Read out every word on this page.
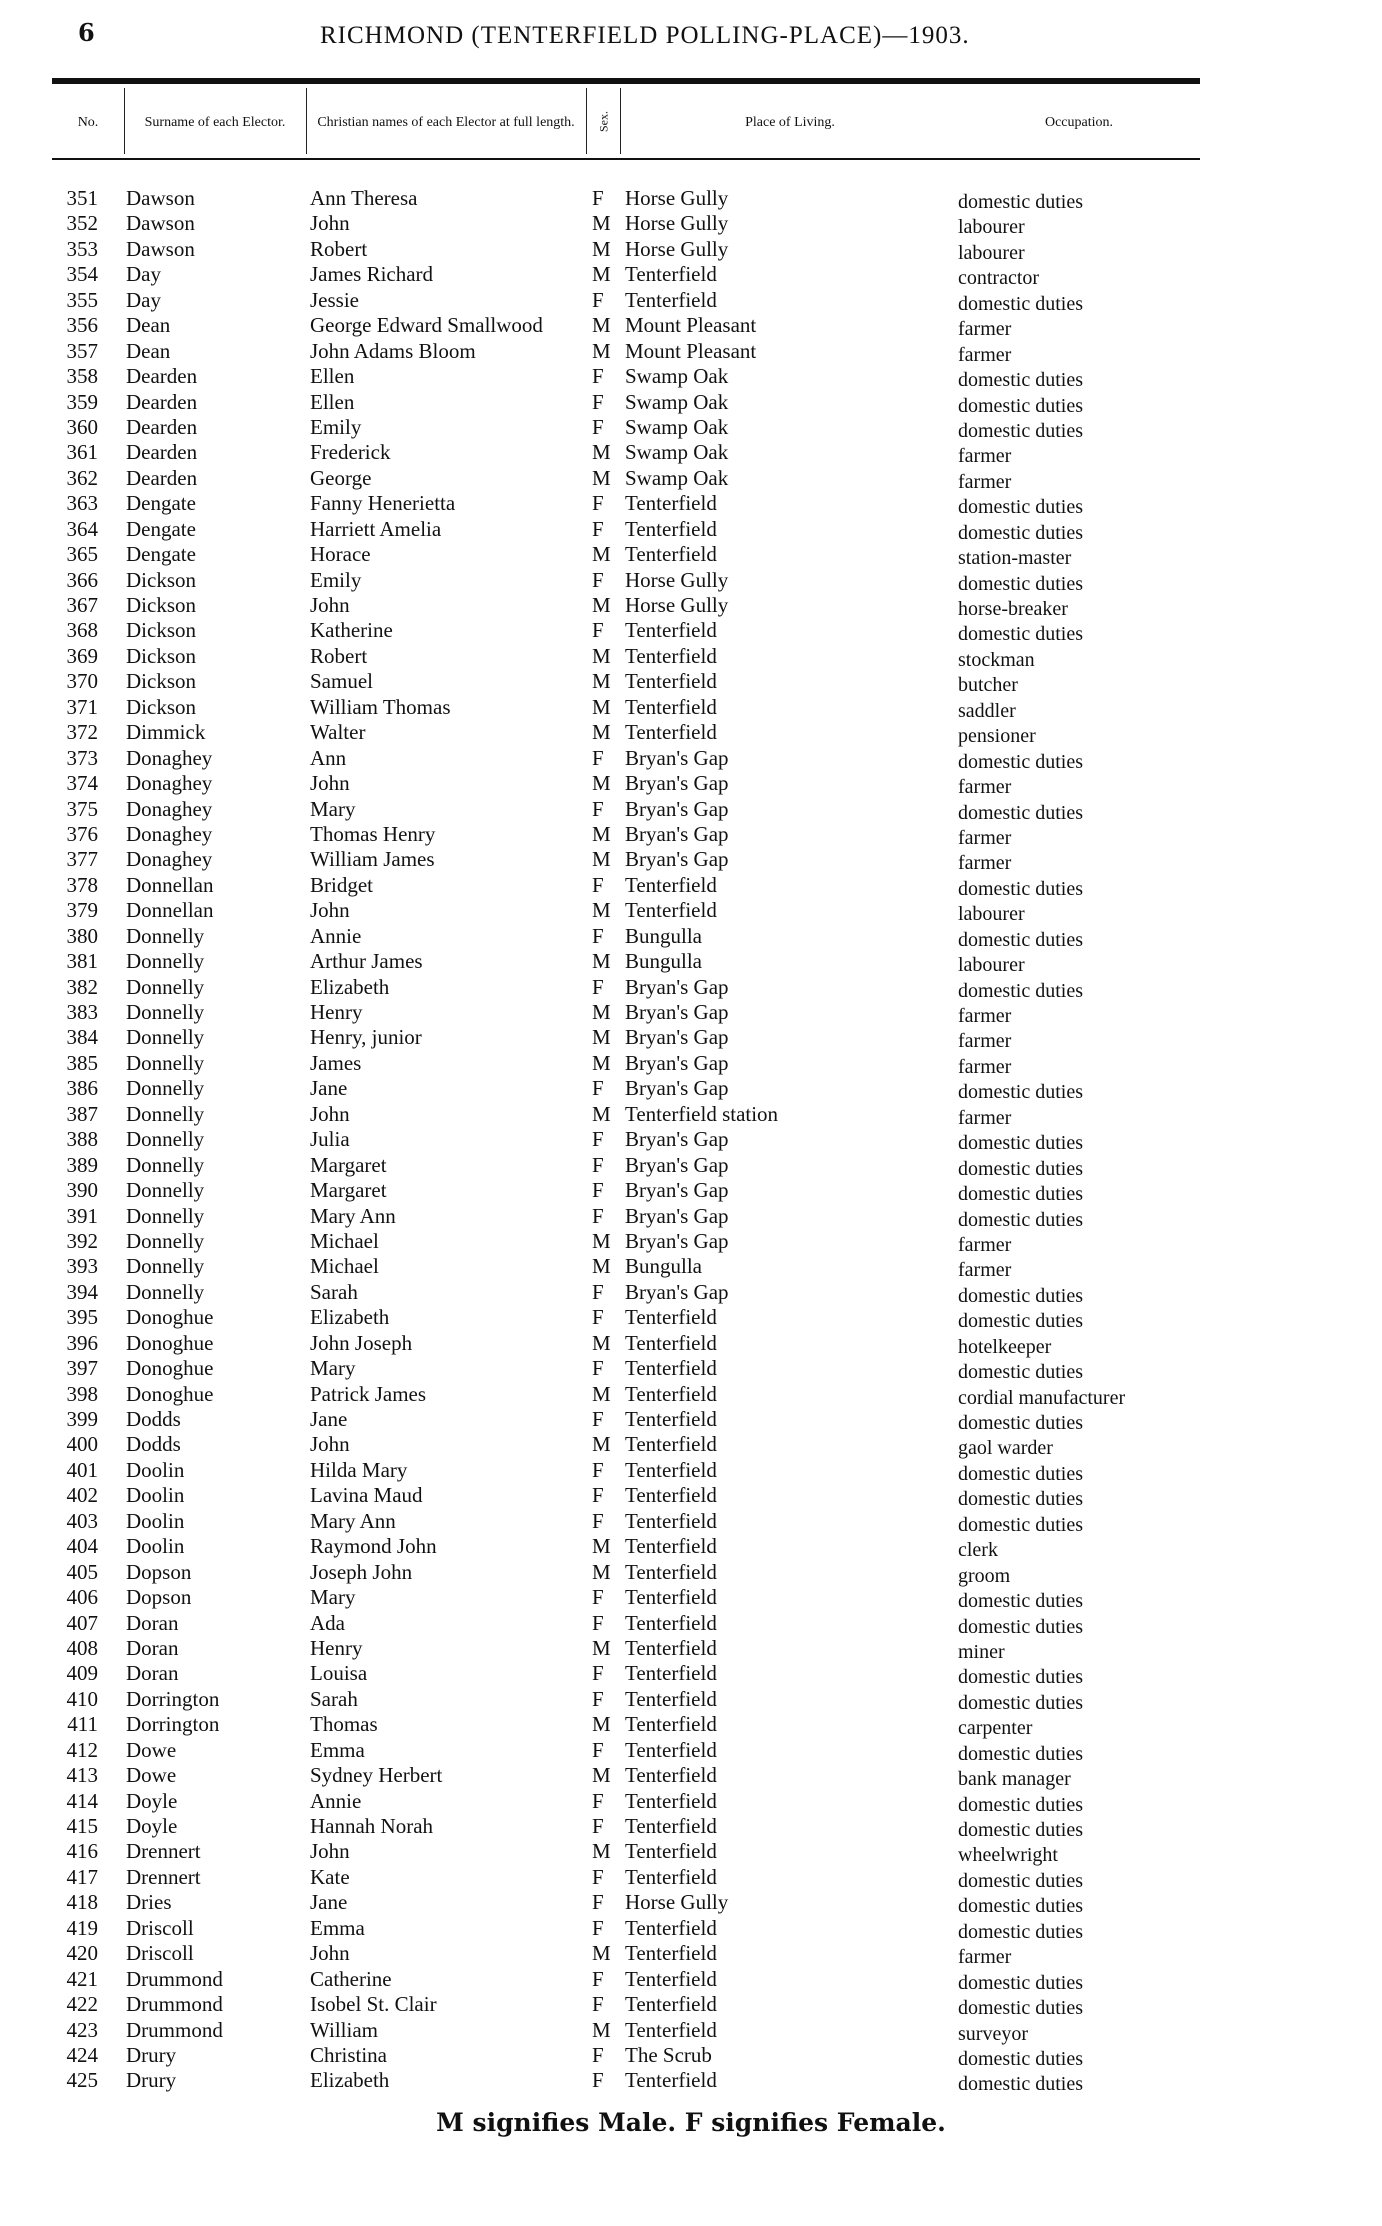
6	RICHMOND (TENTERFIELD POLLING-PLACE)—1903.
No.	Surname of each Elector.	Christian names of each Elector at full length.	Sex.	Place of Living.	Occupation.
351 Dawson	Ann Theresa	F Horse Gully	domestic duties
352 Dawson	John	M Horse Gully	labourer
353 Dawson	Robert	M Horse Gully	labourer
354 Day	James Richard	M Tenterfield	contractor
355 Day	Jessie	F Tenterfield	domestic duties
356 Dean	George Edward Smallwood M Mount Pleasant	farmer
357 Dean	John Adams Bloom	M Mount Pleasant	farmer
358 Dearden	Ellen	F Swamp Oak	domestic duties
359 Dearden	Ellen	F Swamp Oak	domestic duties
360 Dearden	Emily	F Swamp Oak	domestic duties
361 Dearden	Frederick	M Swamp Oak	farmer
362 Dearden	George	M Swamp Oak	farmer
363 Dengate	Fanny Henerietta	F Tenterfield	domestic duties
364 Dengate	Harriett Amelia	F Tenterfield	domestic duties
365 Dengate	Horace	M Tenterfield	station-master
366 Dickson	Emily	F Horse Gully	domestic duties
367 Dickson	John	M Horse Gully	horse-breaker
368 Dickson	Katherine	F Tenterfield	domestic duties
369 Dickson	Robert	M Tenterfield	stockman
370 Dickson	Samuel	M Tenterfield	butcher
371 Dickson	William Thomas	M Tenterfield	saddler
372 Dimmick	Walter	M Tenterfield	pensioner
373 Donaghey	Ann	F Bryan's Gap	domestic duties
374 Donaghey	John	M Bryan's Gap	farmer
375 Donaghey	Mary	F Bryan's Gap	domestic duties
376 Donaghey	Thomas Henry	M Bryan's Gap	farmer
377 Donaghey	William James	M Bryan's Gap	farmer
378 Donnellan	Bridget	F Tenterfield	domestic duties
379 Donnellan	John	M Tenterfield	labourer
380 Donnelly	Annie	F Bungulla	domestic duties
381 Donnelly	Arthur James	M Bungulla	labourer
382 Donnelly	Elizabeth	F Bryan's Gap	domestic duties
383 Donnelly	Henry	M Bryan's Gap	farmer
384 Donnelly	Henry, junior	M Bryan's Gap	farmer
385 Donnelly	James	M Bryan's Gap	farmer
386 Donnelly	Jane	F Bryan's Gap	domestic duties
387 Donnelly	John	M Tenterfield station	farmer
388 Donnelly	Julia	F Bryan's Gap	domestic duties
389 Donnelly	Margaret	F Bryan's Gap	domestic duties
390 Donnelly	Margaret	F Bryan's Gap	domestic duties
391 Donnelly	Mary Ann	F Bryan's Gap	domestic duties
392 Donnelly	Michael	M Bryan's Gap	farmer
393 Donnelly	Michael	M Bungulla	farmer
394 Donnelly	Sarah	F Bryan's Gap	domestic duties
395 Donoghue	Elizabeth	F Tenterfield	domestic duties
396 Donoghue	John Joseph	M Tenterfield	hotelkeeper
397 Donoghue	Mary	F Tenterfield	domestic duties
398 Donoghue	Patrick James	M Tenterfield	cordial manufacturer
399 Dodds	Jane	F Tenterfield	domestic duties
400 Dodds	John	M Tenterfield	gaol warder
401 Doolin	Hilda Mary	F Tenterfield	domestic duties
402 Doolin	Lavina Maud	F Tenterfield	domestic duties
403 Doolin	Mary Ann	F Tenterfield	domestic duties
404 Doolin	Raymond John	M Tenterfield	clerk
405 Dopson	Joseph John	M Tenterfield	groom
406 Dopson	Mary	F Tenterfield	domestic duties
407 Doran	Ada	F Tenterfield	domestic duties
408 Doran	Henry	M Tenterfield	miner
409 Doran	Louisa	F Tenterfield	domestic duties
410 Dorrington	Sarah	F Tenterfield	domestic duties
411 Dorrington	Thomas	M Tenterfield	carpenter
412 Dowe	Emma	F Tenterfield	domestic duties
413 Dowe	Sydney Herbert	M Tenterfield	bank manager
414 Doyle	Annie	F Tenterfield	domestic duties
415 Doyle	Hannah Norah	F Tenterfield	domestic duties
416 Drennert	John	M Tenterfield	wheelwright
417 Drennert	Kate	F Tenterfield	domestic duties
418 Dries	Jane	F Horse Gully	domestic duties
419 Driscoll	Emma	F Tenterfield	domestic duties
420 Driscoll	John	M Tenterfield	farmer
421 Drummond	Catherine	F Tenterfield	domestic duties
422 Drummond	Isobel St. Clair	F Tenterfield	domestic duties
423 Drummond	William	M Tenterfield	surveyor
424 Drury	Christina	F The Scrub	domestic duties
425 Drury	Elizabeth	F Tenterfield	domestic duties
M signifies Male. F signifies Female.
